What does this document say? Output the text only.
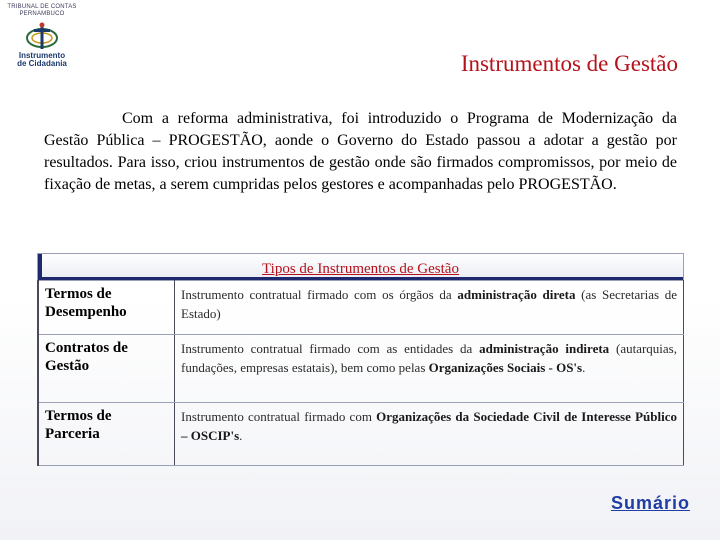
TRIBUNAL DE CONTAS
PERNAMBUCO
Instrumento
de Cidadania	Instrumentos de Gestão

Com a reforma administrativa, foi introduzido o Programa de Modernização da Gestão Pública – PROGESTÃO, aonde o Governo do Estado passou a adotar a gestão por resultados. Para isso, criou instrumentos de gestão onde são firmados compromissos, por meio de fixação de metas, a serem cumpridas pelos gestores e acompanhadas pelo PROGESTÃO.

Tipos de Instrumentos de Gestão
Termos de Desempenho	Instrumento contratual firmado com os órgãos da administração direta (as Secretarias de Estado)
Contratos de Gestão	Instrumento contratual firmado com as entidades da administração indireta (autarquias, fundações, empresas estatais), bem como pelas Organizações Sociais - OS's.
Termos de Parceria	Instrumento contratual firmado com Organizações da Sociedade Civil de Interesse Público – OSCIP's.
Sumário
